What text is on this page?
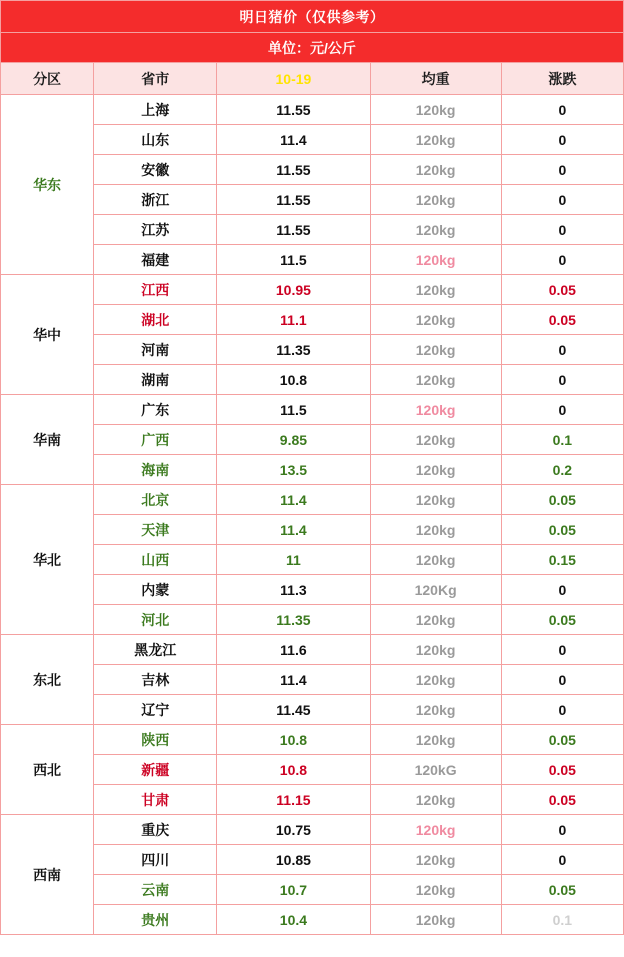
明日猪价（仅供参考）				
单位：元/公斤				
分区	省市	10-19	均重	涨跌
华东	上海	11.55	120kg	0
	山东	11.4	120kg	0
	安徽	11.55	120kg	0
	浙江	11.55	120kg	0
	江苏	11.55	120kg	0
	福建	11.5	120kg	0
华中	江西	10.95	120kg	0.05
	湖北	11.1	120kg	0.05
	河南	11.35	120kg	0
	湖南	10.8	120kg	0
华南	广东	11.5	120kg	0
	广西	9.85	120kg	0.1
	海南	13.5	120kg	0.2
华北	北京	11.4	120kg	0.05
	天津	11.4	120kg	0.05
	山西	11	120kg	0.15
	内蒙	11.3	120Kg	0
	河北	11.35	120kg	0.05
东北	黑龙江	11.6	120kg	0
	吉林	11.4	120kg	0
	辽宁	11.45	120kg	0
西北	陕西	10.8	120kg	0.05
	新疆	10.8	120kG	0.05
	甘肃	11.15	120kg	0.05
西南	重庆	10.75	120kg	0
	四川	10.85	120kg	0
	云南	10.7	120kg	0.05
	贵州	10.4	120kg	0.1
